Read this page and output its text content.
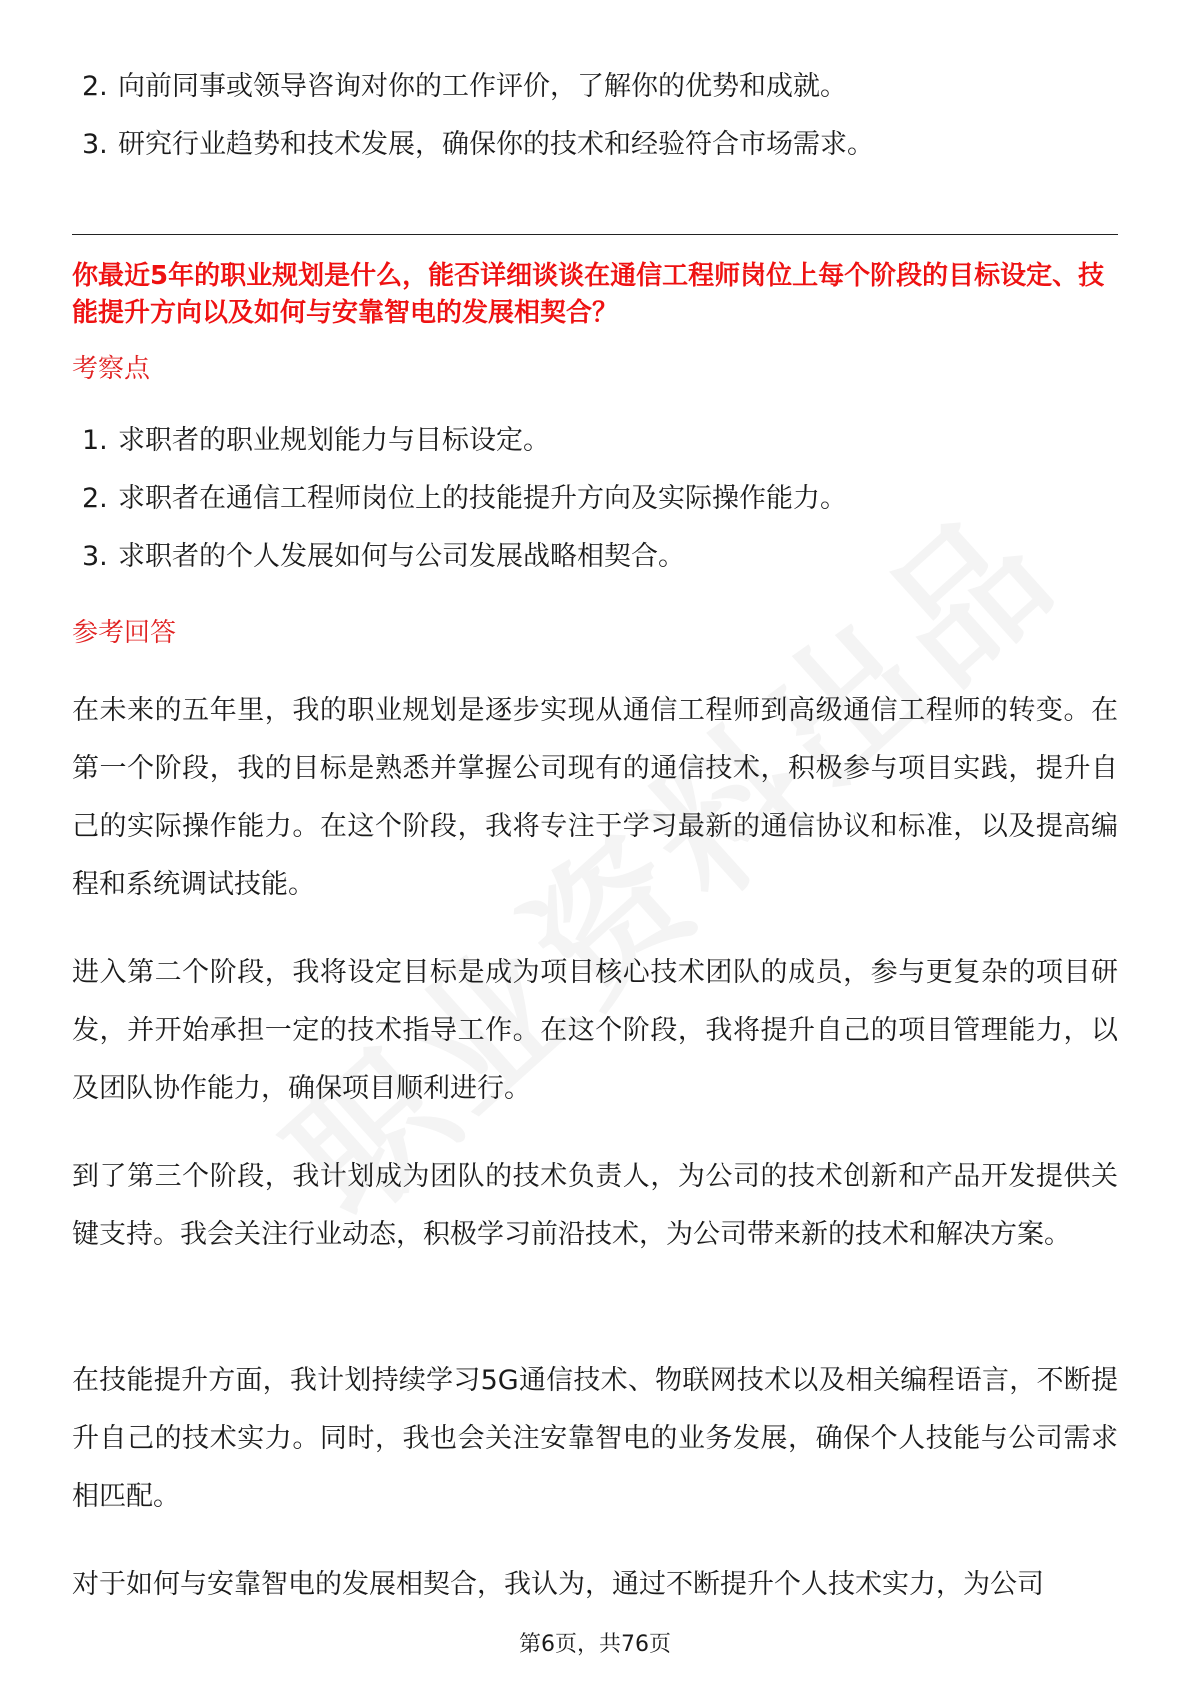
2. 向前同事或领导咨询对你的工作评价，了解你的优势和成就。
3. 研究行业趋势和技术发展，确保你的技术和经验符合市场需求。
你最近5年的职业规划是什么，能否详细谈谈在通信工程师岗位上每个阶段的目标设定、技能提升方向以及如何与安靠智电的发展相契合？
考察点
1. 求职者的职业规划能力与目标设定。
2. 求职者在通信工程师岗位上的技能提升方向及实际操作能力。
3. 求职者的个人发展如何与公司发展战略相契合。
参考回答

在未来的五年里，我的职业规划是逐步实现从通信工程师到高级通信工程师的转变。在第一个阶段，我的目标是熟悉并掌握公司现有的通信技术，积极参与项目实践，提升自己的实际操作能力。在这个阶段，我将专注于学习最新的通信协议和标准，以及提高编程和系统调试技能。

进入第二个阶段，我将设定目标是成为项目核心技术团队的成员，参与更复杂的项目研发，并开始承担一定的技术指导工作。在这个阶段，我将提升自己的项目管理能力，以及团队协作能力，确保项目顺利进行。

到了第三个阶段，我计划成为团队的技术负责人，为公司的技术创新和产品开发提供关键支持。我会关注行业动态，积极学习前沿技术，为公司带来新的技术和解决方案。

在技能提升方面，我计划持续学习5G通信技术、物联网技术以及相关编程语言，不断提升自己的技术实力。同时，我也会关注安靠智电的业务发展，确保个人技能与公司需求相匹配。

对于如何与安靠智电的发展相契合，我认为，通过不断提升个人技术实力，为公司

第6页，共76页
